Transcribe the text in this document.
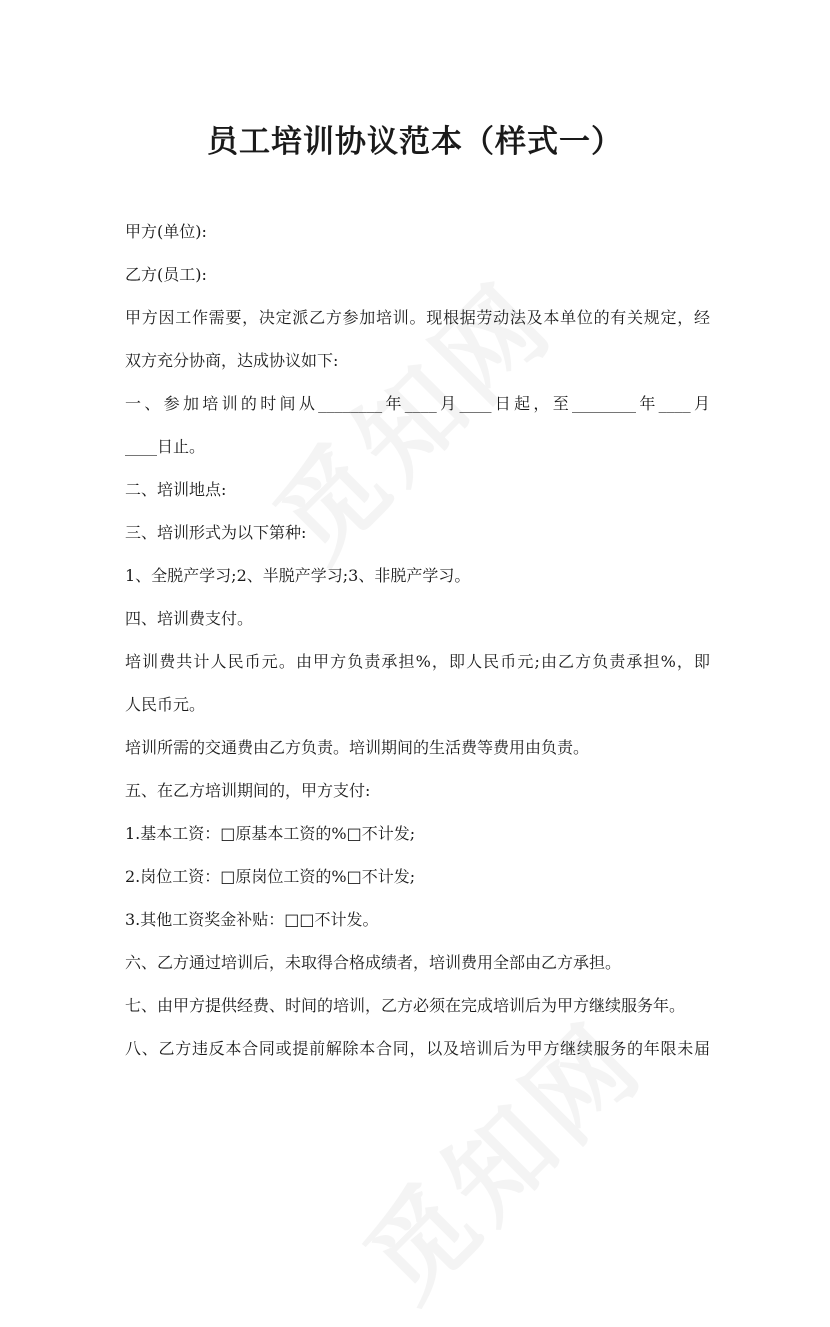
员工培训协议范本（样式一）

甲方(单位):

乙方(员工):

甲方因工作需要，决定派乙方参加培训。现根据劳动法及本单位的有关规定，经

双方充分协商，达成协议如下:

一、参加培训的时间从________年____月____日起，至________年____月

____日止。

二、培训地点:

三、培训形式为以下第种:

1、全脱产学习;2、半脱产学习;3、非脱产学习。

四、培训费支付。

培训费共计人民币元。由甲方负责承担%，即人民币元;由乙方负责承担%，即

人民币元。

培训所需的交通费由乙方负责。培训期间的生活费等费用由负责。

五、在乙方培训期间的，甲方支付:

1.基本工资：□原基本工资的%□不计发;

2.岗位工资：□原岗位工资的%□不计发;

3.其他工资奖金补贴：□□不计发。

六、乙方通过培训后，未取得合格成绩者，培训费用全部由乙方承担。

七、由甲方提供经费、时间的培训，乙方必须在完成培训后为甲方继续服务年。

八、乙方违反本合同或提前解除本合同，以及培训后为甲方继续服务的年限未届
